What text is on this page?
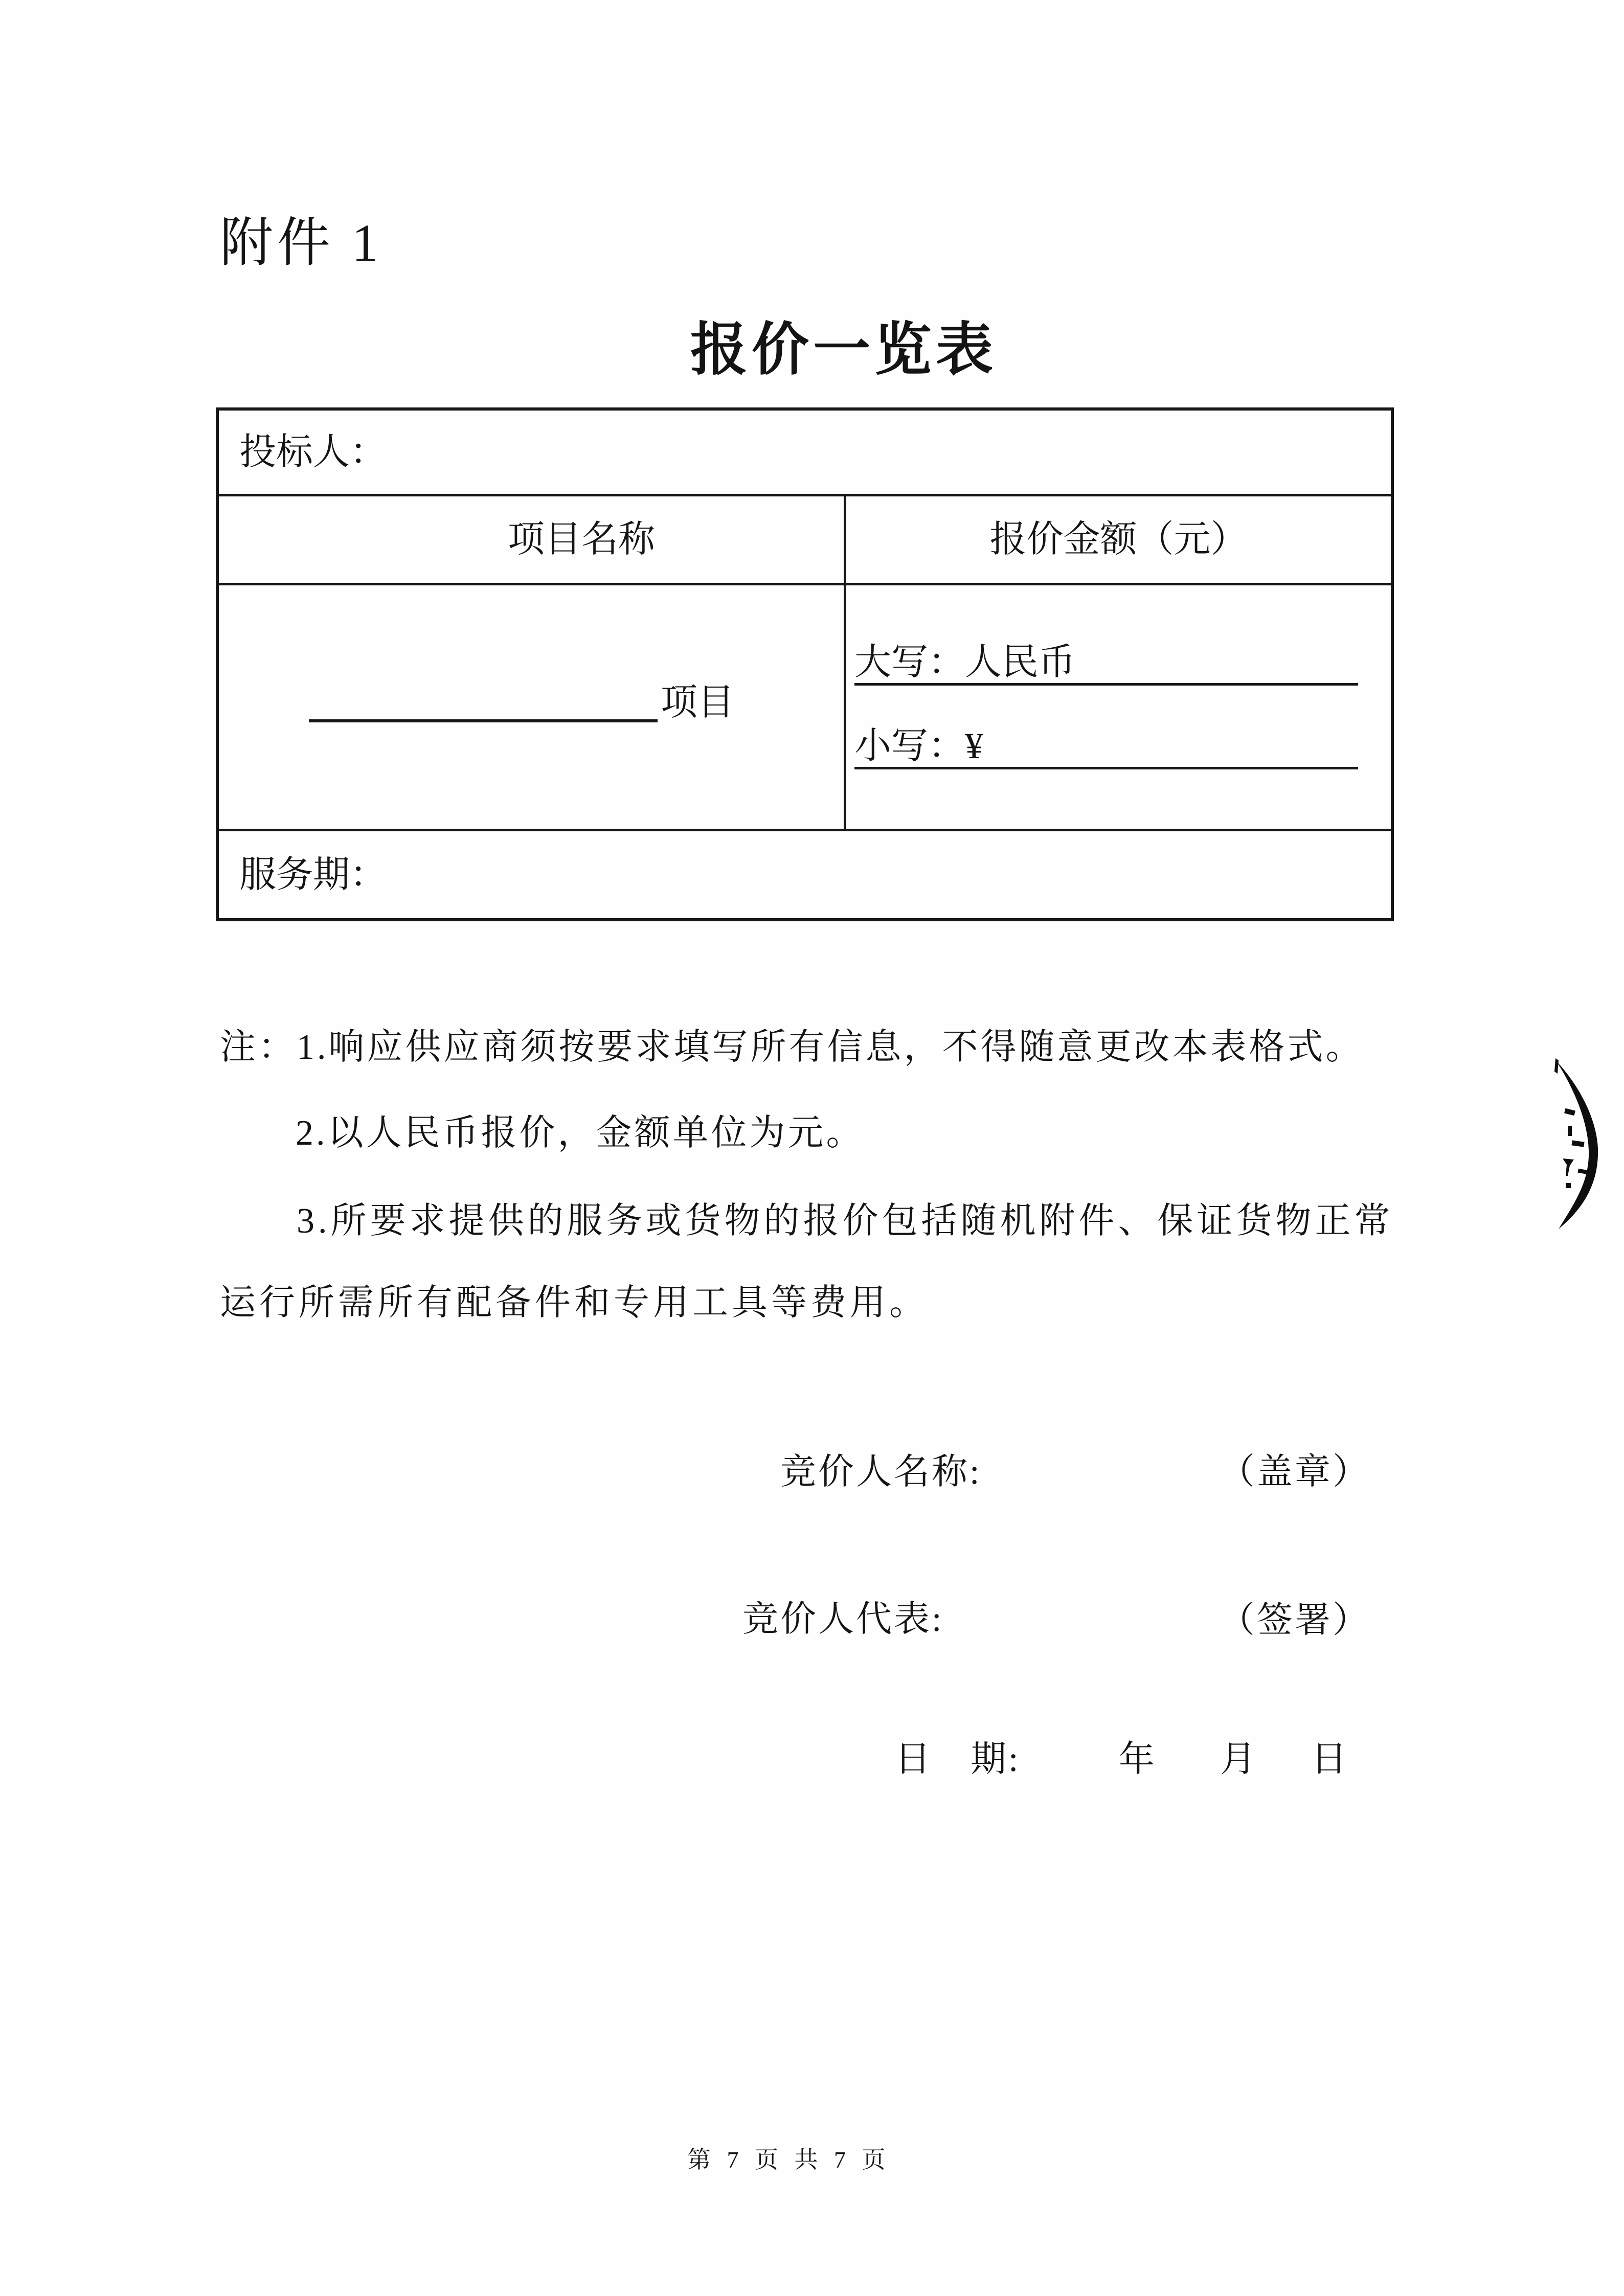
附件 1
报价一览表
投标人：
项目名称	报价金额（元）
项目
大写：人民币
小写：¥
服务期：
注：1.响应供应商须按要求填写所有信息，不得随意更改本表格式。
2.以人民币报价，金额单位为元。
3.所要求提供的服务或货物的报价包括随机附件、保证货物正常
运行所需所有配备件和专用工具等费用。
竞价人名称:	（盖章）
竞价人代表:	（签署）
日　期:	年 月 日
第 7 页 共 7 页
